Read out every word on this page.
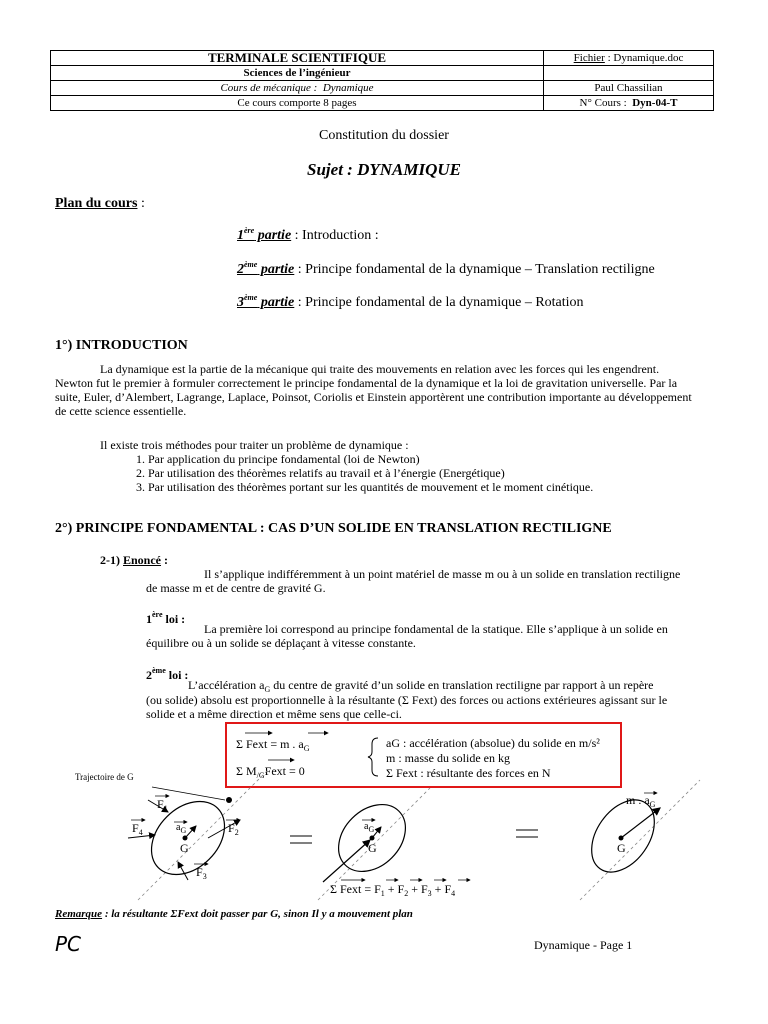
TERMINALE SCIENTIFIQUE	Fichier : Dynamique.doc
Sciences de l’ingénieur	
Cours de mécanique : Dynamique	Paul Chassilian
Ce cours comporte 8 pages	N° Cours : Dyn-04-T
Constitution du dossier
Sujet : DYNAMIQUE
Plan du cours :
1ère partie : Introduction :
2ème partie : Principe fondamental de la dynamique – Translation rectiligne
3ème partie : Principe fondamental de la dynamique – Rotation
1°) INTRODUCTION
La dynamique est la partie de la mécanique qui traite des mouvements en relation avec les forces qui les engendrent. Newton fut le premier à formuler correctement le principe fondamental de la dynamique et la loi de gravitation universelle. Par la suite, Euler, d’Alembert, Lagrange, Laplace, Poinsot, Coriolis et Einstein apportèrent une contribution importante au développement de cette science essentielle.
Il existe trois méthodes pour traiter un problème de dynamique :
1. Par application du principe fondamental (loi de Newton)
2. Par utilisation des théorèmes relatifs au travail et à l’énergie (Energétique)
3. Par utilisation des théorèmes portant sur les quantités de mouvement et le moment cinétique.
2°) PRINCIPE FONDAMENTAL : CAS D’UN SOLIDE EN TRANSLATION RECTILIGNE
2-1) Enoncé :
Il s’applique indifféremment à un point matériel de masse m ou à un solide en translation rectiligne
de masse m et de centre de gravité G.
1ère loi :
La première loi correspond au principe fondamental de la statique. Elle s’applique à un solide en
équilibre ou à un solide se déplaçant à vitesse constante.
2ème loi :
L’accélération $a_G$ du centre de gravité d’un solide en translation rectiligne par rapport à un repère
(ou solide) absolu est proportionnelle à la résultante (Σ Fext) des forces ou actions extérieures agissant sur le
solide et a même direction et même sens que celle-ci.
Σ Fext = m . $a_G$
Σ $M_{/G}Fext = 0$
aG : accélération (absolue) du solide en m/s²
m : masse du solide en kg
Σ Fext : résultante des forces en N
Trajectoire de G
$F_1$
$F_2$
$F_3$
$F_4$	$a_G$
G
$a_G$
G
m . $a_G$
G
Σ Fext = $F_1 + F_2 + F_3 + F_4$
Remarque : la résultante ΣFext doit passer par G, sinon Il y a mouvement plan
PC	Dynamique - Page 1
